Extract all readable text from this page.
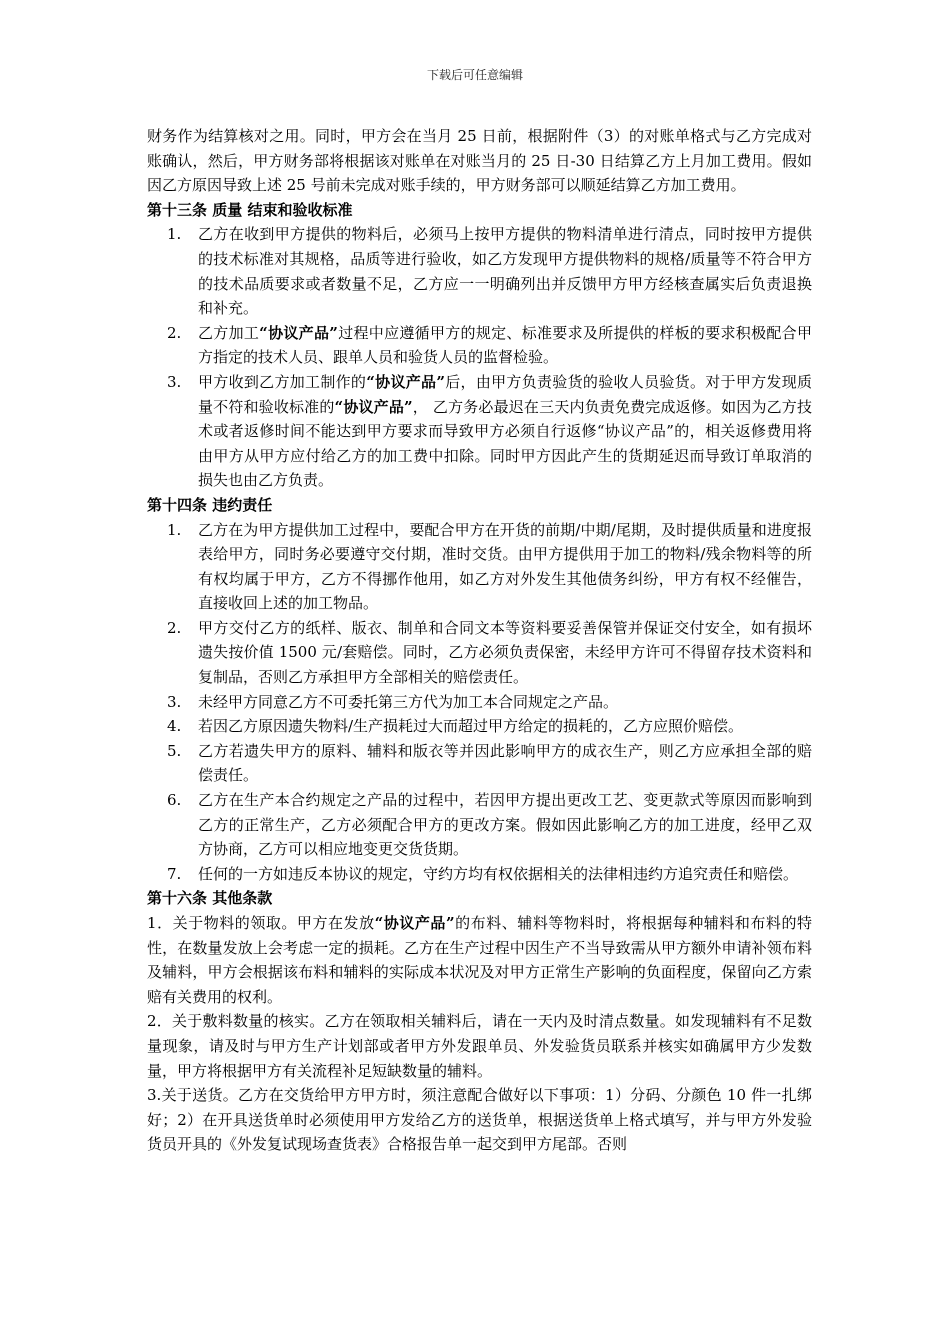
下载后可任意编辑

财务作为结算核对之用。同时，甲方会在当月 25 日前，根据附件（3）的对账单格式与乙方完成对账确认，然后，甲方财务部将根据该对账单在对账当月的 25 日-30 日结算乙方上月加工费用。假如因乙方原因导致上述 25 号前未完成对账手续的，甲方财务部可以顺延结算乙方加工费用。

第十三条 质量 结束和验收标准

1. 乙方在收到甲方提供的物料后，必须马上按甲方提供的物料清单进行清点，同时按甲方提供的技术标准对其规格，品质等进行验收，如乙方发现甲方提供物料的规格/质量等不符合甲方的技术品质要求或者数量不足，乙方应一一明确列出并反馈甲方甲方经核查属实后负责退换和补充。
2. 乙方加工“协议产品”过程中应遵循甲方的规定、标准要求及所提供的样板的要求积极配合甲方指定的技术人员、跟单人员和验货人员的监督检验。
3. 甲方收到乙方加工制作的“协议产品”后，由甲方负责验货的验收人员验货。对于甲方发现质量不符和验收标准的“协议产品”， 乙方务必最迟在三天内负责免费完成返修。如因为乙方技术或者返修时间不能达到甲方要求而导致甲方必须自行返修“协议产品”的，相关返修费用将由甲方从甲方应付给乙方的加工费中扣除。同时甲方因此产生的货期延迟而导致订单取消的损失也由乙方负责。

第十四条 违约责任

1. 乙方在为甲方提供加工过程中，要配合甲方在开货的前期/中期/尾期，及时提供质量和进度报表给甲方，同时务必要遵守交付期，准时交货。由甲方提供用于加工的物料/残余物料等的所有权均属于甲方，乙方不得挪作他用，如乙方对外发生其他债务纠纷，甲方有权不经催告，直接收回上述的加工物品。
2. 甲方交付乙方的纸样、版衣、制单和合同文本等资料要妥善保管并保证交付安全，如有损坏遗失按价值 1500 元/套赔偿。同时，乙方必须负责保密，未经甲方许可不得留存技术资料和复制品，否则乙方承担甲方全部相关的赔偿责任。
3. 未经甲方同意乙方不可委托第三方代为加工本合同规定之产品。
4. 若因乙方原因遗失物料/生产损耗过大而超过甲方给定的损耗的，乙方应照价赔偿。
5. 乙方若遗失甲方的原料、辅料和版衣等并因此影响甲方的成衣生产，则乙方应承担全部的赔偿责任。
6. 乙方在生产本合约规定之产品的过程中，若因甲方提出更改工艺、变更款式等原因而影响到乙方的正常生产，乙方必须配合甲方的更改方案。假如因此影响乙方的加工进度，经甲乙双方协商，乙方可以相应地变更交货货期。
7. 任何的一方如违反本协议的规定，守约方均有权依据相关的法律相违约方追究责任和赔偿。

第十六条 其他条款

1．关于物料的领取。甲方在发放“协议产品”的布料、辅料等物料时，将根据每种辅料和布料的特性，在数量发放上会考虑一定的损耗。乙方在生产过程中因生产不当导致需从甲方额外申请补领布料及辅料，甲方会根据该布料和辅料的实际成本状况及对甲方正常生产影响的负面程度，保留向乙方索赔有关费用的权利。

2．关于敷料数量的核实。乙方在领取相关辅料后，请在一天内及时清点数量。如发现辅料有不足数量现象，请及时与甲方生产计划部或者甲方外发跟单员、外发验货员联系并核实如确属甲方少发数量，甲方将根据甲方有关流程补足短缺数量的辅料。

3.关于送货。乙方在交货给甲方甲方时，须注意配合做好以下事项：1）分码、分颜色 10 件一扎绑好；2）在开具送货单时必须使用甲方发给乙方的送货单，根据送货单上格式填写，并与甲方外发验货员开具的《外发复试现场查货表》合格报告单一起交到甲方尾部。否则
